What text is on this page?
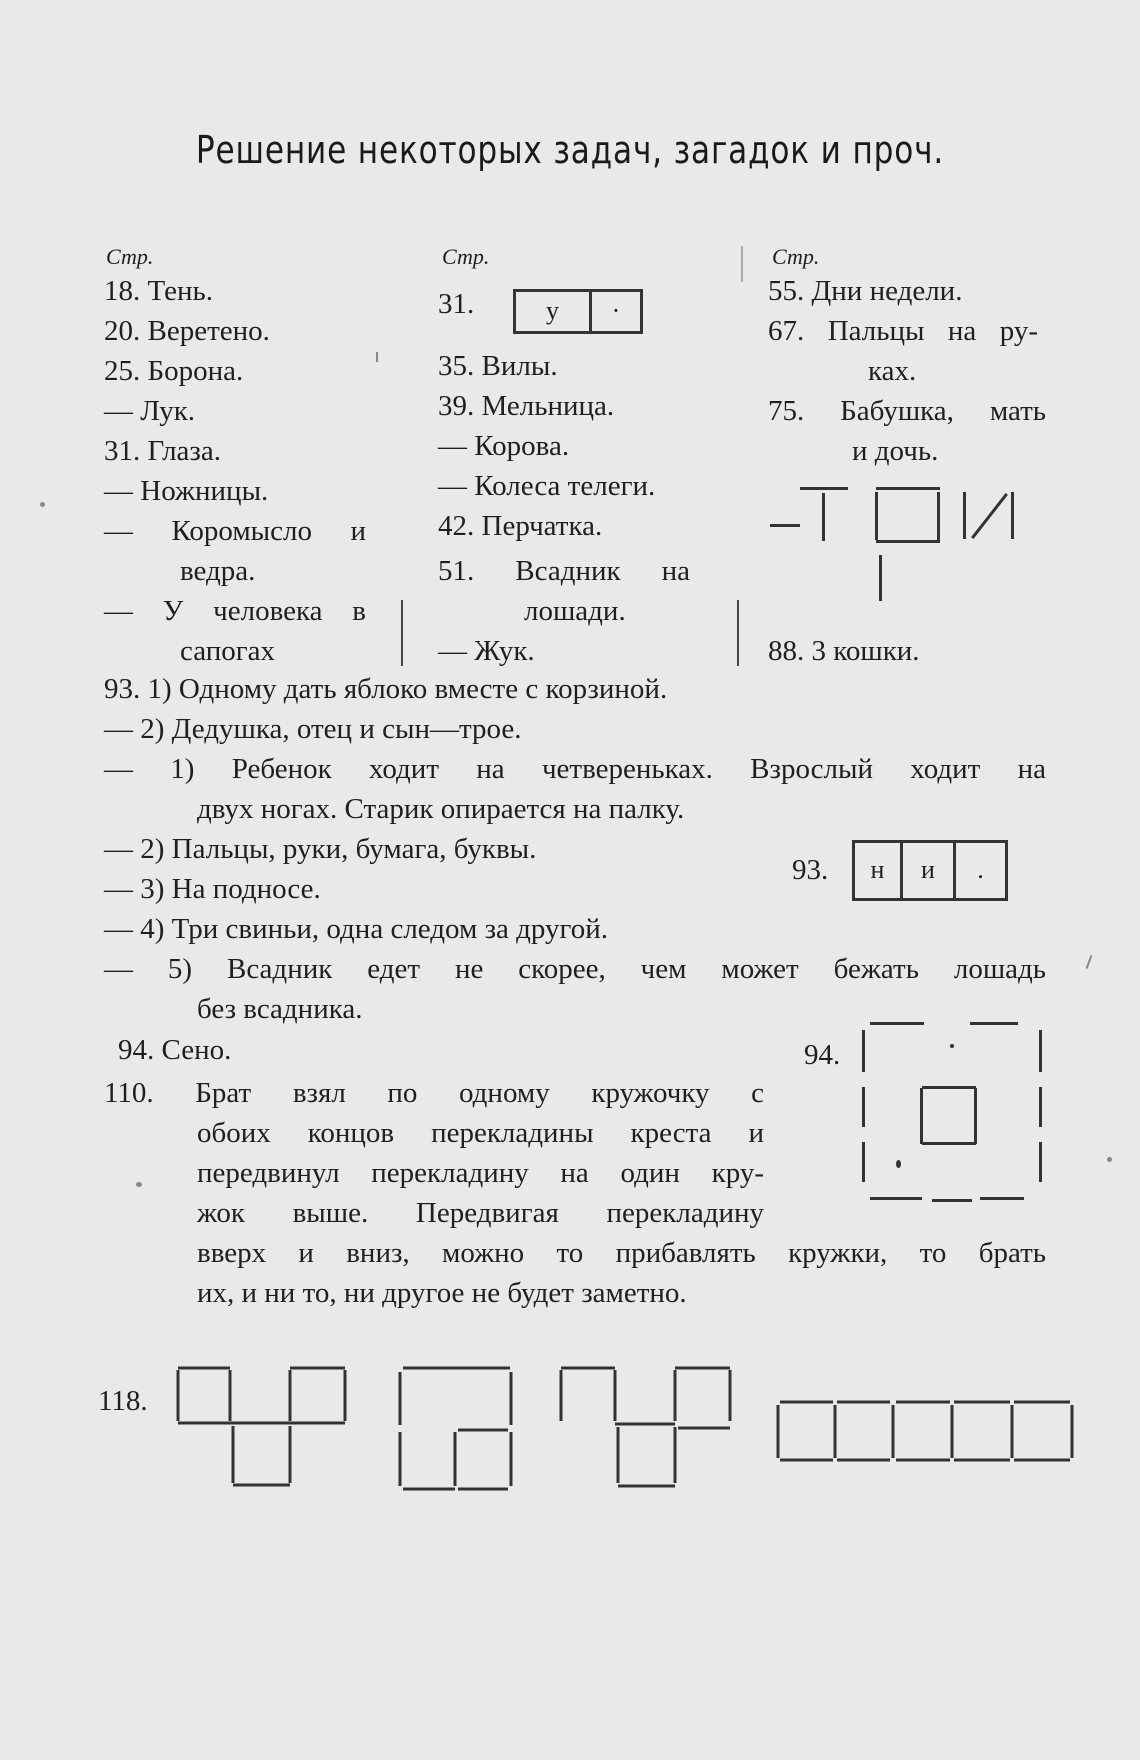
Решение некоторых задач, загадок и проч.
Стр.	Стр.	Стр.
18. Тень.
20. Веретено.
25. Борона.
— Лук.
31. Глаза.
— Ножницы.
— Коромысло и
ведра.
— У человека в
сапогах
31.	у	·
35. Вилы.
39. Мельница.
— Корова.
— Колеса телеги.
42. Перчатка.
51. Всадник на
лошади.
— Жук.
55. Дни недели.
67. Пальцы на ру-
ках.
75. Бабушка, мать
и дочь.
88. 3 кошки.
93. 1) Одному дать яблоко вместе с корзиной.
— 2) Дедушка, отец и сын—трое.
— 1) Ребенок ходит на четвереньках. Взрослый ходит на
двух ногах. Старик опирается на палку.
— 2) Пальцы, руки, бумага, буквы.
— 3) На подносе.
— 4) Три свиньи, одна следом за другой.
— 5) Всадник едет не скорее, чем может бежать лошадь
без всадника.
94. Сено.
110. Брат взял по одному кружочку с
обоих концов перекладины креста и
передвинул перекладину на один кру-
жок выше. Передвигая перекладину
вверх и вниз, можно то прибавлять кружки, то брать
их, и ни то, ни другое не будет заметно.
93.	н	и	.
94.
118.
